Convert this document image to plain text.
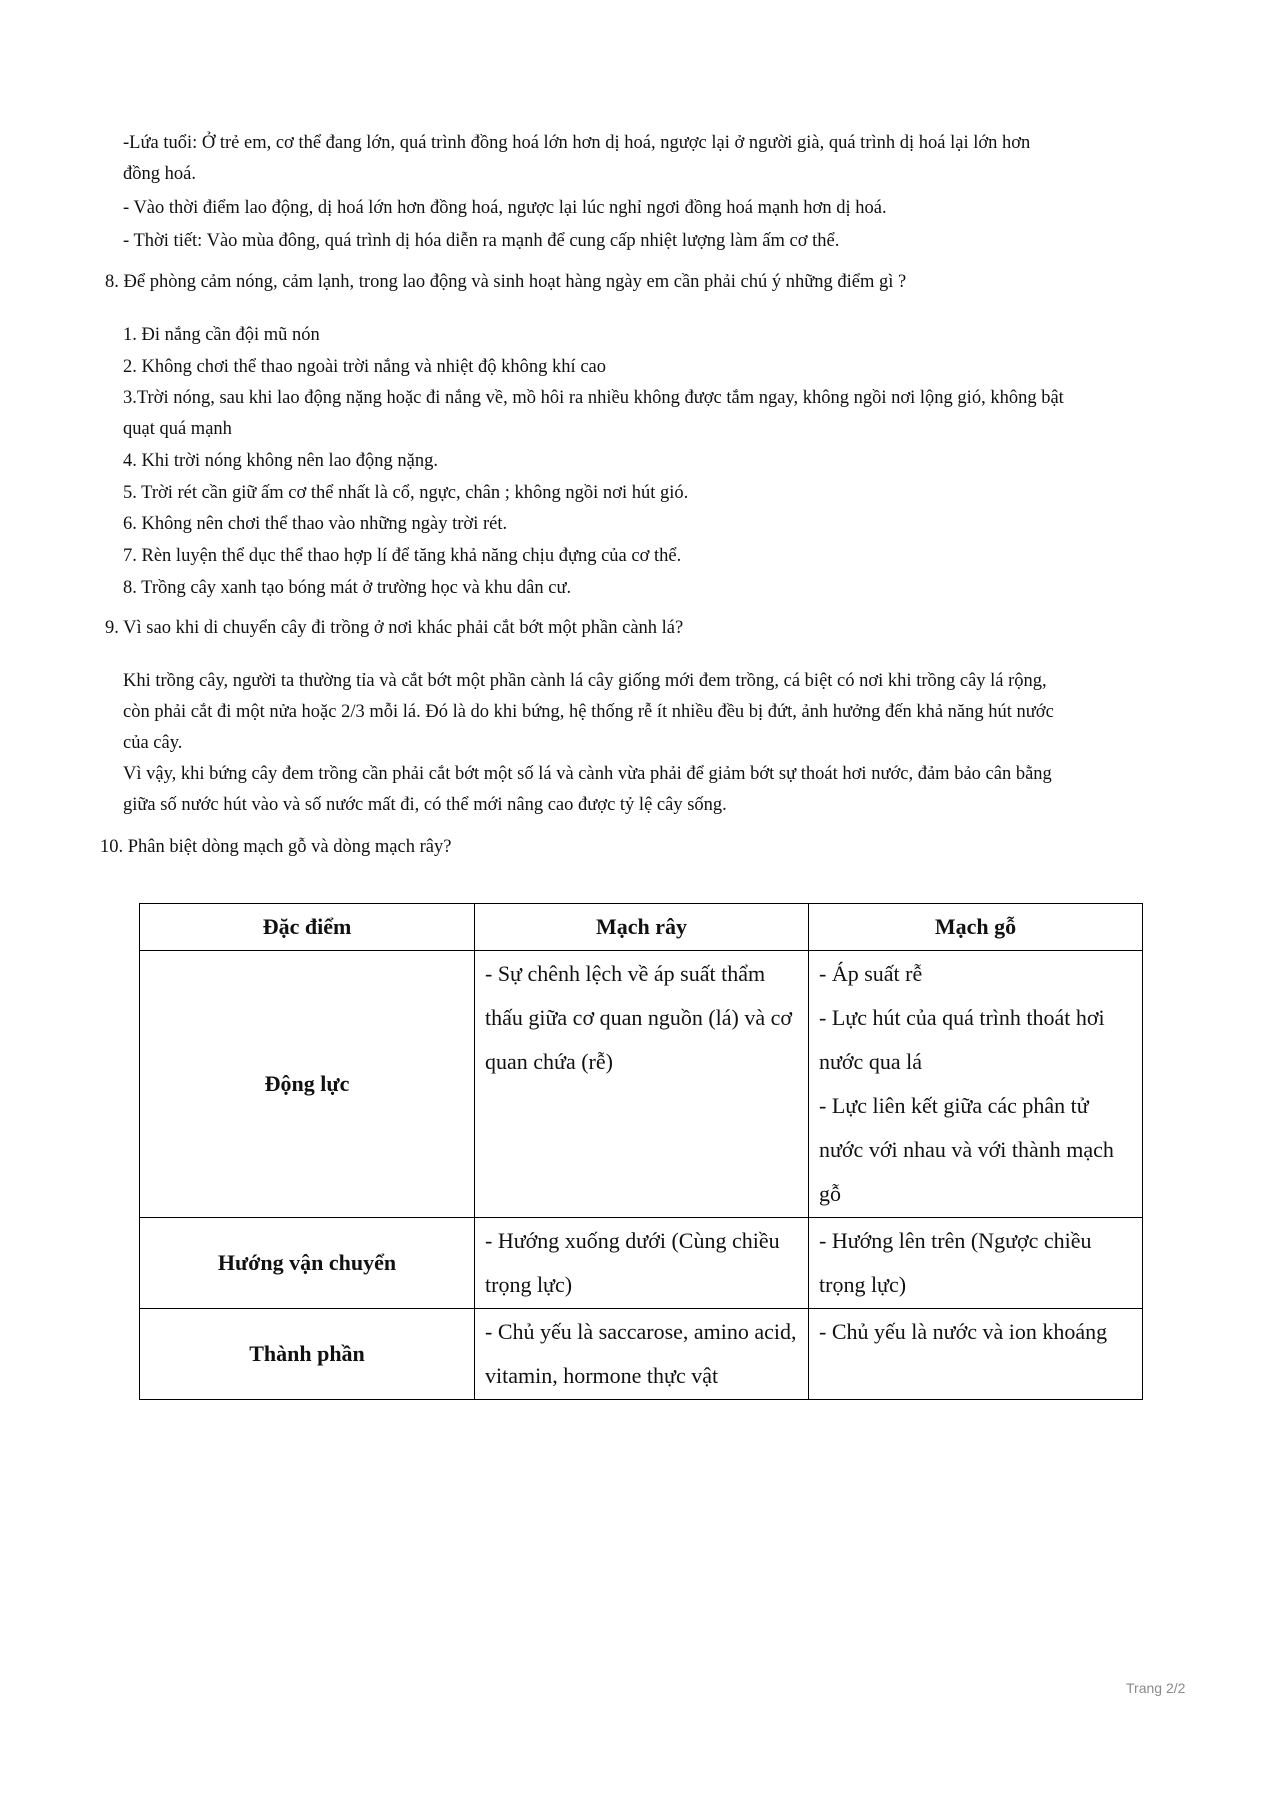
-Lứa tuổi: Ở trẻ em, cơ thể đang lớn, quá trình đồng hoá lớn hơn dị hoá, ngược lại ở người già, quá trình dị hoá lại lớn hơn
đồng hoá.
- Vào thời điểm lao động, dị hoá lớn hơn đồng hoá, ngược lại lúc nghỉ ngơi đồng hoá mạnh hơn dị hoá.
- Thời tiết: Vào mùa đông, quá trình dị hóa diễn ra mạnh để cung cấp nhiệt lượng làm ấm cơ thể.
8. Để phòng cảm nóng, cảm lạnh, trong lao động và sinh hoạt hàng ngày em cần phải chú ý những điểm gì ?
1. Đi nắng cần đội mũ nón
2. Không chơi thể thao ngoài trời nắng và nhiệt độ không khí cao
3.Trời nóng, sau khi lao động nặng hoặc đi nắng về, mồ hôi ra nhiều không được tắm ngay, không ngồi nơi lộng gió, không bật
quạt quá mạnh
4. Khi trời nóng không nên lao động nặng.
5. Trời rét cần giữ ấm cơ thể nhất là cổ, ngực, chân ; không ngồi nơi hút gió.
6. Không nên chơi thể thao vào những ngày trời rét.
7. Rèn luyện thể dục thể thao hợp lí để tăng khả năng chịu đựng của cơ thể.
8. Trồng cây xanh tạo bóng mát ở trường học và khu dân cư.
9. Vì sao khi di chuyển cây đi trồng ở nơi khác phải cắt bớt một phần cành lá?
Khi trồng cây, người ta thường tỉa và cắt bớt một phần cành lá cây giống mới đem trồng, cá biệt có nơi khi trồng cây lá rộng,
còn phải cắt đi một nửa hoặc 2/3 mỗi lá. Đó là do khi bứng, hệ thống rễ ít nhiều đều bị đứt, ảnh hưởng đến khả năng hút nước
của cây.
Vì vậy, khi bứng cây đem trồng cần phải cắt bớt một số lá và cành vừa phải để giảm bớt sự thoát hơi nước, đảm bảo cân bằng
giữa số nước hút vào và số nước mất đi, có thể mới nâng cao được tỷ lệ cây sống.
10. Phân biệt dòng mạch gỗ và dòng mạch rây?
Đặc điểm	Mạch rây	Mạch gỗ
Động lực	- Sự chênh lệch về áp suất thẩm thấu giữa cơ quan nguồn (lá) và cơ quan chứa (rễ)	- Áp suất rễ
- Lực hút của quá trình thoát hơi nước qua lá
- Lực liên kết giữa các phân tử nước với nhau và với thành mạch gỗ

Hướng vận chuyển	- Hướng xuống dưới (Cùng chiều trọng lực)	- Hướng lên trên (Ngược chiều trọng lực)

Thành phần	- Chủ yếu là saccarose, amino acid, vitamin, hormone thực vật	- Chủ yếu là nước và ion khoáng
Trang 2/2
